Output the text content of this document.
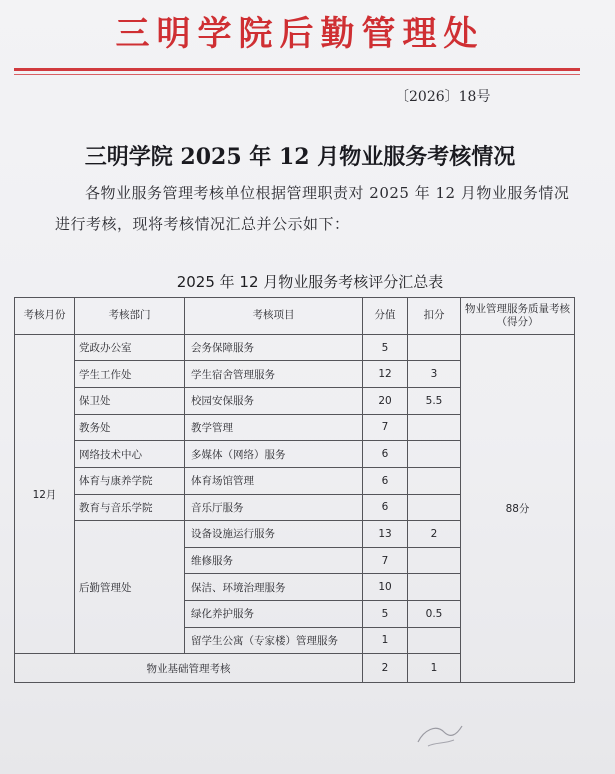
三明学院后勤管理处
〔2026〕18号
三明学院 2025 年 12 月物业服务考核情况
各物业服务管理考核单位根据管理职责对 2025 年 12 月物业服务情况进行考核，现将考核情况汇总并公示如下：
2025 年 12 月物业服务考核评分汇总表
考核月份	考核部门	考核项目	分值	扣分	物业管理服务质量考核（得分）
12月	党政办公室	会务保障服务	5		88分
	学生工作处	学生宿舍管理服务	12	3	
	保卫处	校园安保服务	20	5.5	
	教务处	教学管理	7		
	网络技术中心	多媒体（网络）服务	6		
	体育与康养学院	体育场馆管理	6		
	教育与音乐学院	音乐厅服务	6		
	后勤管理处	设备设施运行服务	13	2	
		维修服务	7		
		保洁、环境治理服务	10		
		绿化养护服务	5	0.5	
		留学生公寓（专家楼）管理服务	1		
物业基础管理考核			2	1	
